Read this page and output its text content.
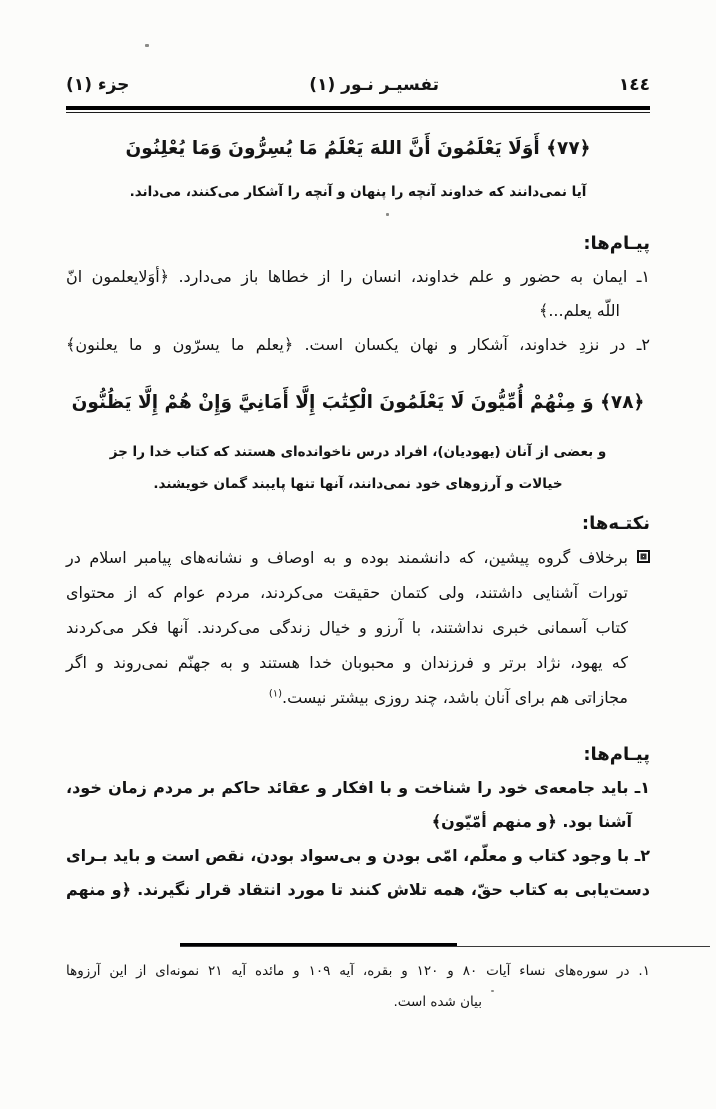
١٤٤
تفسيـر نـور (١)
جزء (١)
﴿٧٧﴾ أَوَلَا يَعْلَمُونَ أَنَّ اللهَ يَعْلَمُ مَا يُسِرُّونَ وَمَا يُعْلِنُونَ
آيا نمی‌دانند كه خداوند آنچه را پنهان و آنچه را آشكار می‌كنند، می‌داند.
پيـام‌ها:
١ـ ايمان به حضور و علم خداوند، انسان را از خطاها باز می‌دارد. ﴿أوَلايعلمون انّ
اللّه يعلم...﴾
٢ـ در نزدِ خداوند، آشكار و نهان يكسان است. ﴿يعلم ما يسرّون و ما يعلنون﴾
﴿٧٨﴾ وَ مِنْهُمْ أُمِّيُّونَ لَا يَعْلَمُونَ الْكِتَٰبَ إِلَّا أَمَانِيَّ وَإِنْ هُمْ إِلَّا يَظُنُّونَ
و بعضى از آنان (يهوديان)، افراد درس ناخوانده‌ای هستند كه كتاب خدا را جز
خيالات و آرزوهای خود نمی‌دانند، آنها تنها پايبند گمان خويشند.
نكتـه‌ها:
برخلاف گروه پيشين، كه دانشمند بوده و به اوصاف و نشانه‌های پيامبر اسلام در
تورات آشنايی داشتند، ولی كتمان حقيقت می‌كردند، مردم عوام كه از محتوای
كتاب آسمانی خبری نداشتند، با آرزو و خيال زندگی می‌كردند. آنها فكر می‌كردند
كه يهود، نژاد برتر و فرزندان و محبوبان خدا هستند و به جهنّم نمی‌روند و اگر
مجازاتی هم برای آنان باشد، چند روزی بيشتر نيست.$^{(١)}$
پيـام‌ها:
١ـ بايد جامعه‌ی خود را شناخت و با افكار و عقائد حاكم بر مردم زمان خود،
آشنا بود. ﴿و منهم أمّيّون﴾
٢ـ با وجود كتاب و معلّم، امّی بودن و بی‌سواد بودن، نقص است و بايد بـرای
دست‌يابی به كتاب حقّ، همه تلاش كنند تا مورد انتقاد قرار نگيرند. ﴿و منهم
١. در سوره‌های نساء آيات ٨٠ و ١٢٠ و بقره، آيه ١٠٩ و مائده آيه ٢١ نمونه‌ای از اين آرزوها
بيان شده است.
